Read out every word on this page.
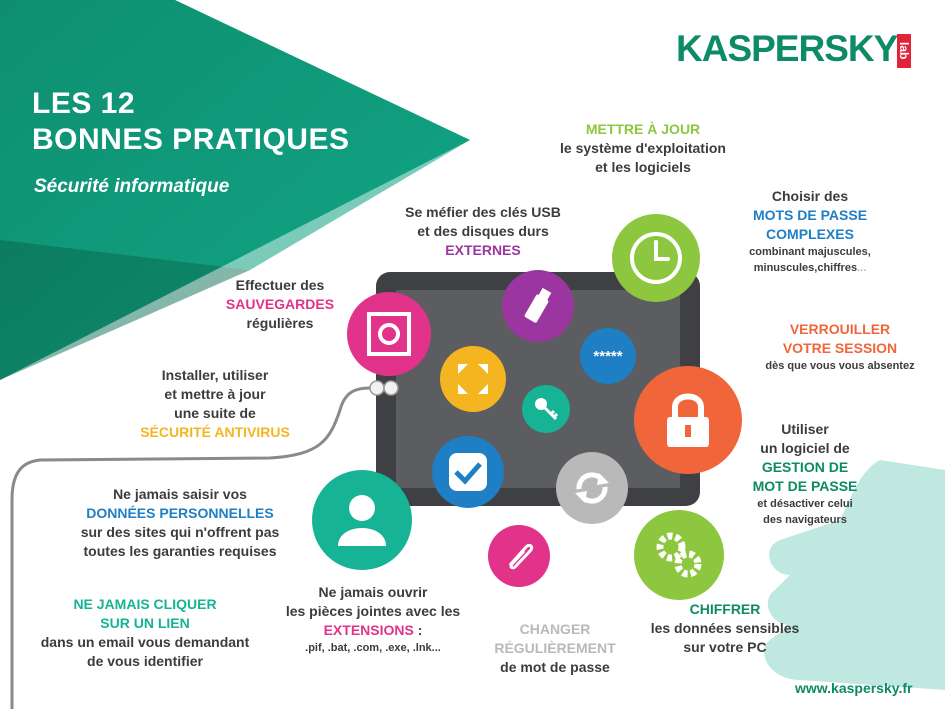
LES 12
BONNES PRATIQUES
Sécurité informatique
KASPERSKY lab
*****
METTRE À JOUR
le système d'exploitation
et les logiciels
Choisir des
MOTS DE PASSE
COMPLEXES
combinant majuscules,
minuscules,chiffres...
Se méfier des clés USB
et des disques durs
EXTERNES
Effectuer des
SAUVEGARDES
régulières	VERROUILLER
VOTRE SESSION
dès que vous vous absentez
Installer, utiliser
et mettre à jour
une suite de
SÉCURITÉ ANTIVIRUS	Utiliser
un logiciel de
GESTION DE
MOT DE PASSE
et désactiver celui
des navigateurs
Ne jamais saisir vos
DONNÉES PERSONNELLES
sur des sites qui n'offrent pas
toutes les garanties requises
NE JAMAIS CLIQUER
SUR UN LIEN
dans un email vous demandant
de vous identifier
Ne jamais ouvrir
les pièces jointes avec les
EXTENSIONS :
.pif, .bat, .com, .exe, .lnk...
CHANGER
RÉGULIÈREMENT
de mot de passe
CHIFFRER
les données sensibles
sur votre PC
www.kaspersky.fr
